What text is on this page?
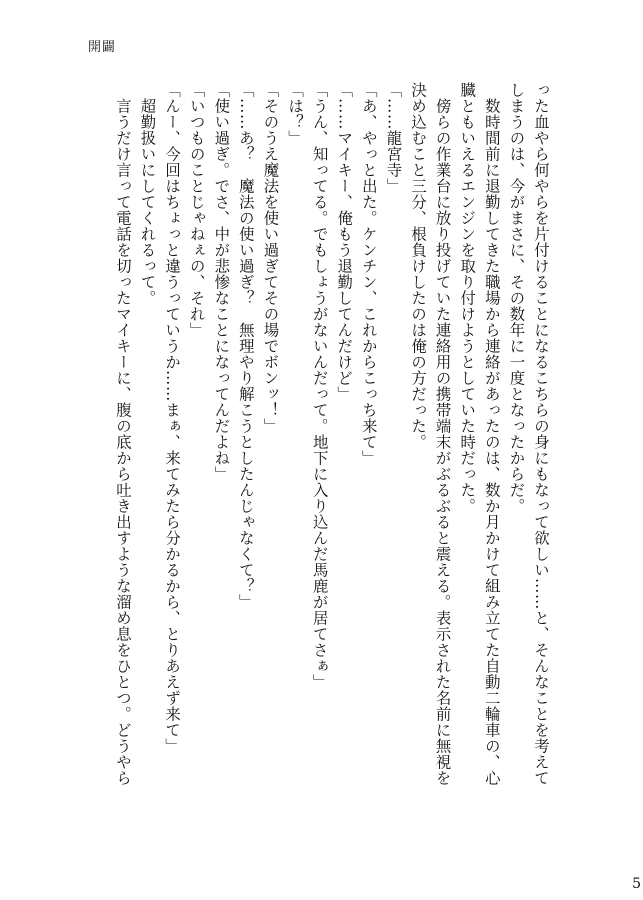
開闢

った血やら何やらを片付けることになるこちらの身にもなって欲しい……と、そんなことを考えて

しまうのは、今がまさに、その数年に一度となったからだ。

　数時間前に退勤してきた職場から連絡があったのは、数か月かけて組み立てた自動二輪車の、心

臓ともいえるエンジンを取り付けようとしていた時だった。

　傍らの作業台に放り投げていた連絡用の携帯端末がぶるぶると震える。表示された名前に無視を

決め込むこと三分、根負けしたのは俺の方だった。

「……龍宮寺」

「あ、やっと出た。ケンチン、これからこっち来て」

「……マイキー、俺もう退勤してんだけど」

「うん、知ってる。でもしょうがないんだって。地下に入り込んだ馬鹿が居てさぁ」

「は？」

「そのうえ魔法を使い過ぎてその場でボンッ！」

「……あ？　魔法の使い過ぎ？　無理やり解こうとしたんじゃなくて？」

「使い過ぎ。でさ、中が悲惨なことになってんだよね」

「いつものことじゃねぇの、それ」

「んー、今回はちょっと違うっていうか……まぁ、来てみたら分かるから、とりあえず来て」

　超勤扱いにしてくれるって。

　言うだけ言って電話を切ったマイキーに、腹の底から吐き出すような溜め息をひとつ。どうやら

5
